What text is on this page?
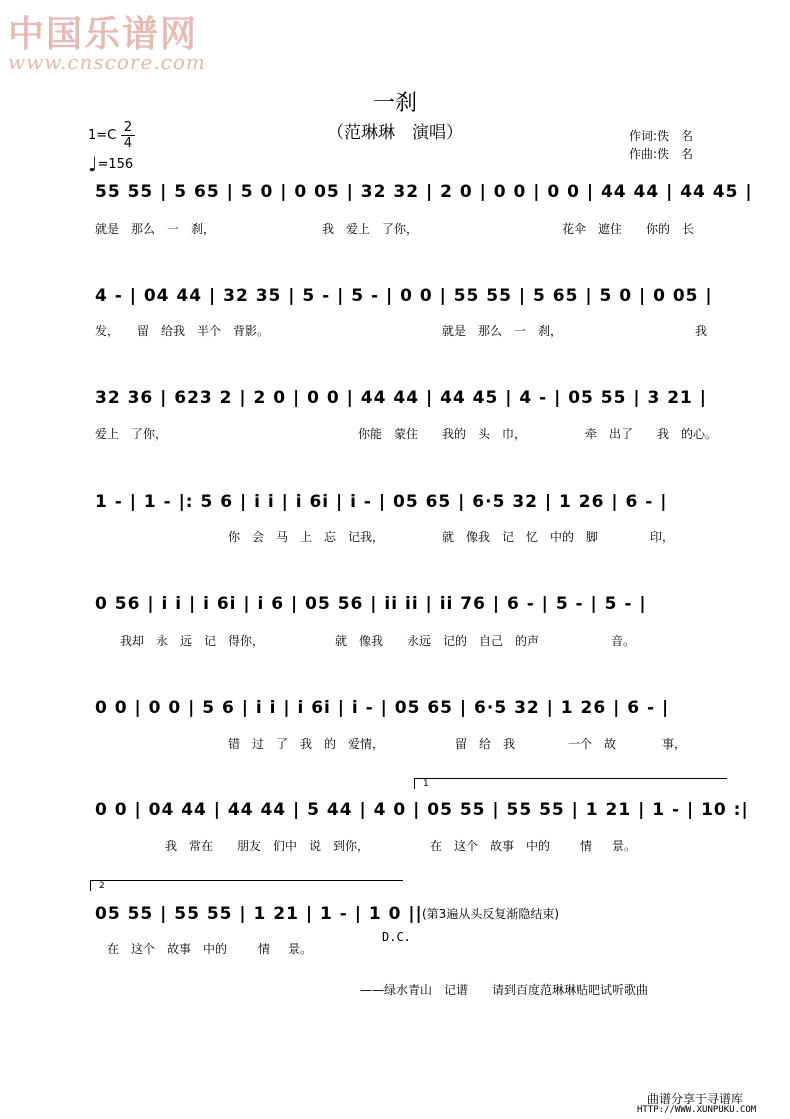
中国乐谱网
www.cnscore.com
一刹
（范琳琳　演唱）
1=C
2
4
♩=156
作词:佚　名
作曲:佚　名
55 55 | 5 65 | 5 0 | 0 05 | 32 32 | 2 0 | 0 0 | 0 0 | 44 44 | 44 45 |
就是　那么　一　刹，	我　爱上　了你，	花伞　遮住　　你的　长
4 - | 04 44 | 32 35 | 5 - | 5 - | 0 0 | 55 55 | 5 65 | 5 0 | 0 05 |
发，　　留　给我　半个　背影。	就是　那么　一　刹，	我
32 36 | 623 2 | 2 0 | 0 0 | 44 44 | 44 45 | 4 - | 05 55 | 3 21 |
爱上　了你，	你能　蒙住　　我的　头　巾，	牵　出了　　我　的心。
1 - | 1 - |: 5 6 | i i | i 6i | i - | 05 65 | 6·5 32 | 1 26 | 6 - |
你　会　马　上　忘　记我，	就　像我　记　忆　中的　脚	印，
0 56 | i i | i 6i | i 6 | 05 56 | ii ii | ii 76 | 6 - | 5 - | 5 - |
我却　永　远　记　得你，	就　像我　　永远　记的　自己　的声	音。
0 0 | 0 0 | 5 6 | i i | i 6i | i - | 05 65 | 6·5 32 | 1 26 | 6 - |
错　过　了　我　的　爱情，	留　给　我	一个　故	事，
0 0 | 04 44 | 44 44 | 5 44 | 4 0 | 05 55 | 55 55 | 1 21 | 1 - | 10 :|
我　常在　　朋友　们中　说　到你，	在　这个　故事　中的 情 景。
05 55 | 55 55 | 1 21 | 1 - | 1 0 ||
在　这个　故事　中的	情 景。
1
2
(第3遍从头反复渐隐结束)
D.C.
——绿水青山　记谱　　请到百度范琳琳贴吧试听歌曲
曲谱分享于寻谱库
HTTP://WWW.XUNPUKU.COM
